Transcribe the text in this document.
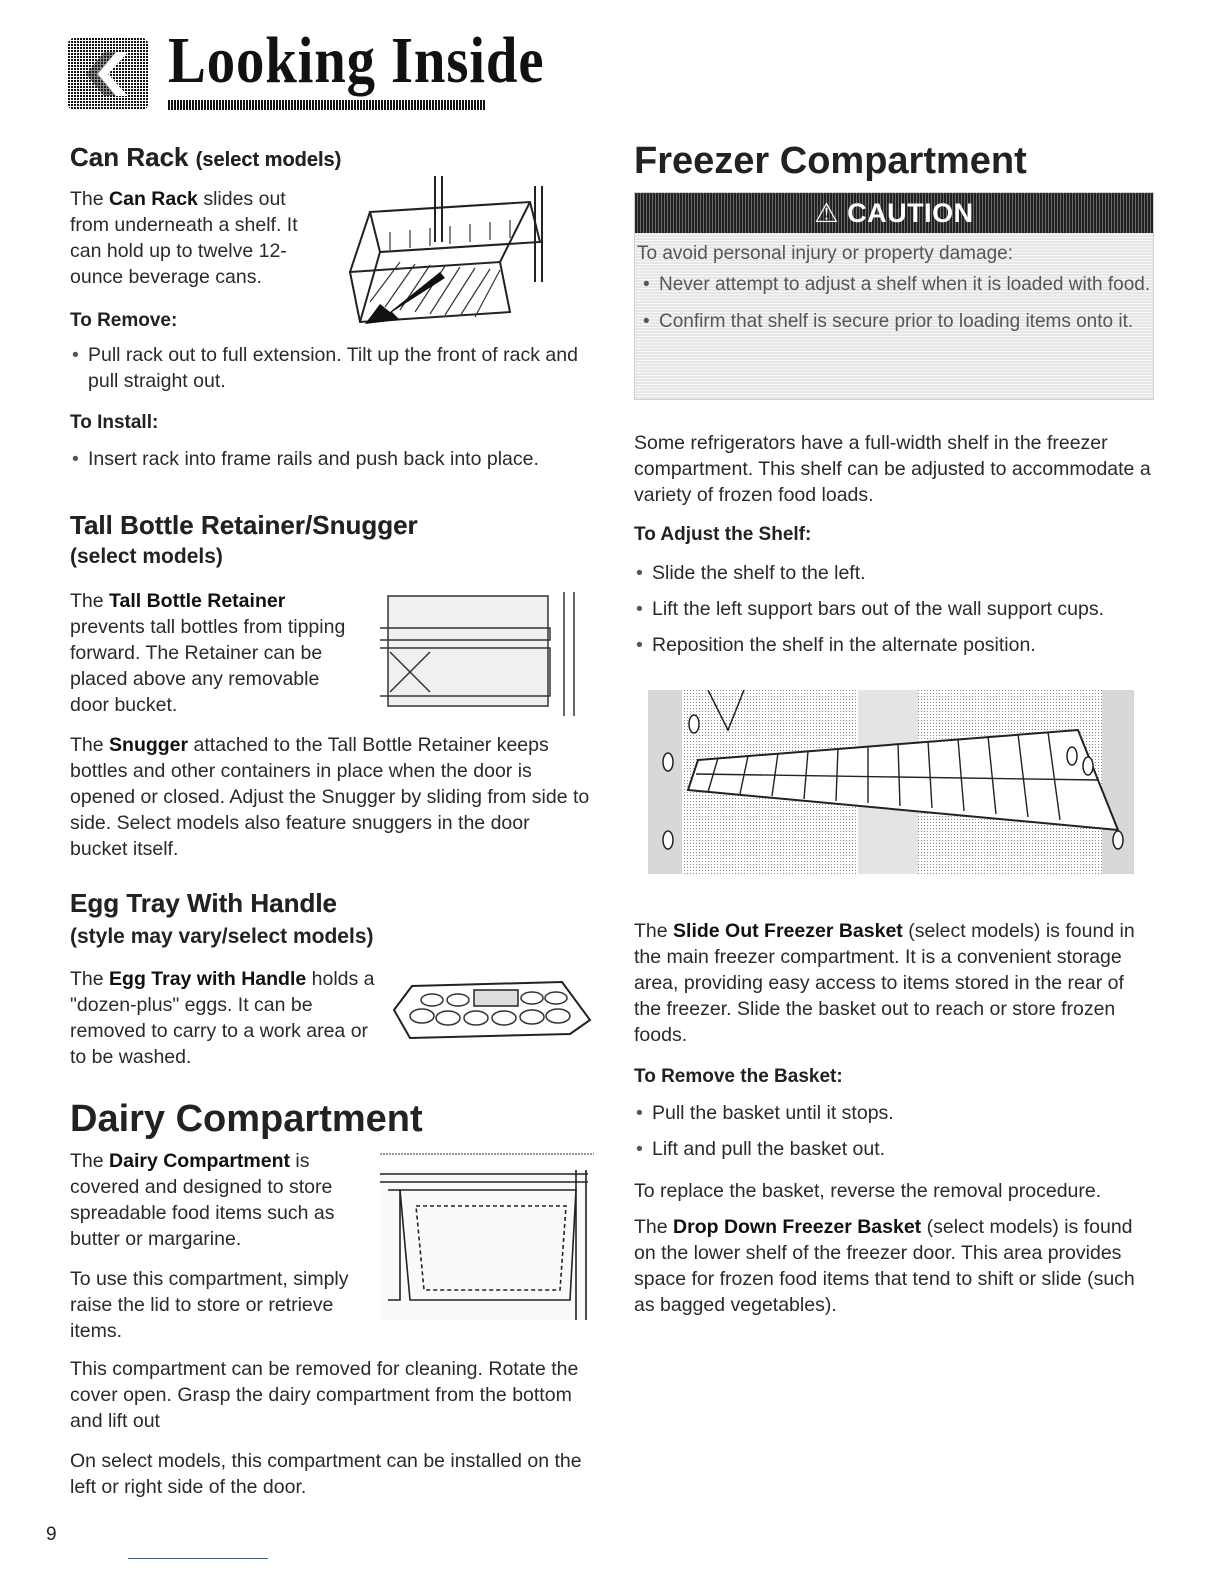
Looking Inside
Can Rack (select models)

The Can Rack slides out from underneath a shelf. It can hold up to twelve 12-ounce beverage cans.

To Remove:

• Pull rack out to full extension. Tilt up the front of rack and pull straight out.

To Install:

• Insert rack into frame rails and push back into place.
Tall Bottle Retainer/Snugger

(select models)

The Tall Bottle Retainer prevents tall bottles from tipping forward. The Retainer can be placed above any removable door bucket.

The Snugger attached to the Tall Bottle Retainer keeps bottles and other containers in place when the door is opened or closed. Adjust the Snugger by sliding from side to side. Select models also feature snuggers in the door bucket itself.

Egg Tray With Handle

(style may vary/select models)

The Egg Tray with Handle holds a "dozen-plus" eggs. It can be removed to carry to a work area or to be washed.

Dairy Compartment

The Dairy Compartment is covered and designed to store spreadable food items such as butter or margarine.

To use this compartment, simply raise the lid to store or retrieve items.

This compartment can be removed for cleaning. Rotate the cover open. Grasp the dairy compartment from the bottom and lift out

On select models, this compartment can be installed on the left or right side of the door.

Freezer Compartment
⚠ CAUTION

To avoid personal injury or property damage:

• Never attempt to adjust a shelf when it is loaded with food.
• Confirm that shelf is secure prior to loading items onto it.

Some refrigerators have a full-width shelf in the freezer compartment. This shelf can be adjusted to accommodate a variety of frozen food loads.

To Adjust the Shelf:

• Slide the shelf to the left.
• Lift the left support bars out of the wall support cups.
• Reposition the shelf in the alternate position.

The Slide Out Freezer Basket (select models) is found in the main freezer compartment. It is a convenient storage area, providing easy access to items stored in the rear of the freezer. Slide the basket out to reach or store frozen foods.

To Remove the Basket:

• Pull the basket until it stops.
• Lift and pull the basket out.

To replace the basket, reverse the removal procedure.

The Drop Down Freezer Basket (select models) is found on the lower shelf of the freezer door. This area provides space for frozen food items that tend to shift or slide (such as bagged vegetables).

9
